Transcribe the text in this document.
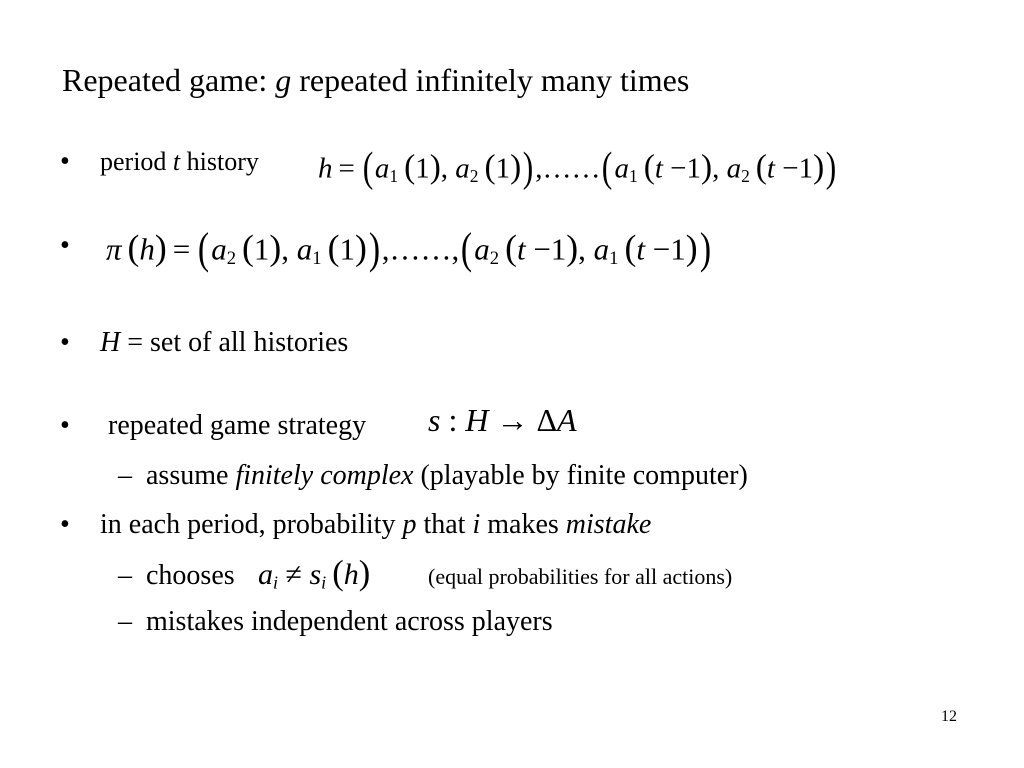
Repeated game: g repeated infinitely many times
• period t history $h = (a_1$ (1), $a_2$ $(1)),\dots\dots(a_1$ (t −1), $a_2$ (t −1))
• π $(h) = (a_2$ (1), $a_1$ $(1)),\dots\dots,(a_2$ (t −1), $a_1$ (t −1))
• H = set of all histories
• repeated game strategy s : H → ΔA
– assume finitely complex (playable by finite computer)
• in each period, probability p that i makes mistake
– chooses $a_i \ne s_i$ (h)	(equal probabilities for all actions)
– mistakes independent across players
12
